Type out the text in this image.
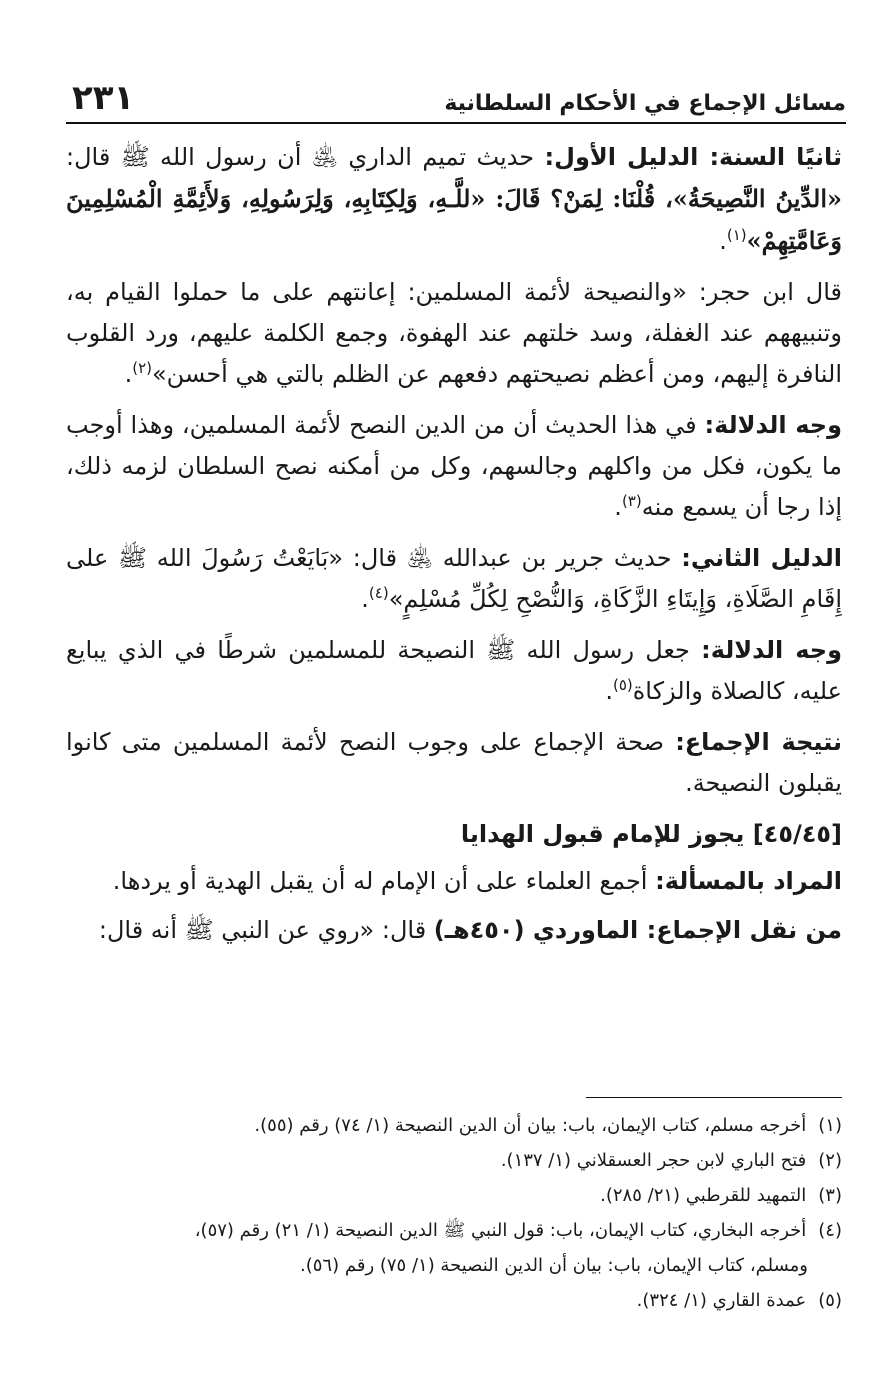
مسائل الإجماع في الأحكام السلطانية
٢٣١

ثانيًا السنة: الدليل الأول: حديث تميم الداري ﵁ أن رسول الله ﷺ قال: «الدِّينُ النَّصِيحَةُ»، قُلْنَا: لِمَنْ؟ قَالَ: «للَّـهِ، وَلِكِتَابِهِ، وَلِرَسُولِهِ، وَلأَئِمَّةِ الْمُسْلِمِينَ وَعَامَّتِهِمْ»$^{(١)}$.

قال ابن حجر: «والنصيحة لأئمة المسلمين: إعانتهم على ما حملوا القيام به، وتنبيههم عند الغفلة، وسد خلتهم عند الهفوة، وجمع الكلمة عليهم، ورد القلوب النافرة إليهم، ومن أعظم نصيحتهم دفعهم عن الظلم بالتي هي أحسن»$^{(٢)}$.

وجه الدلالة: في هذا الحديث أن من الدين النصح لأئمة المسلمين، وهذا أوجب ما يكون، فكل من واكلهم وجالسهم، وكل من أمكنه نصح السلطان لزمه ذلك، إذا رجا أن يسمع منه$^{(٣)}$.

الدليل الثاني: حديث جرير بن عبدالله ﵁ قال: «بَايَعْتُ رَسُولَ الله ﷺ على إِقَامِ الصَّلَاةِ، وَإِيتَاءِ الزَّكَاةِ، وَالنُّصْحِ لِكُلِّ مُسْلِمٍ»$^{(٤)}$.

وجه الدلالة: جعل رسول الله ﷺ النصيحة للمسلمين شرطًا في الذي يبايع عليه، كالصلاة والزكاة$^{(٥)}$.

نتيجة الإجماع: صحة الإجماع على وجوب النصح لأئمة المسلمين متى كانوا يقبلون النصيحة.

[٤٥/٤٥] يجوز للإمام قبول الهدايا

المراد بالمسألة: أجمع العلماء على أن الإمام له أن يقبل الهدية أو يردها.

من نقل الإجماع: الماوردي (٤٥٠هـ) قال: «روي عن النبي ﷺ أنه قال:

(١) أخرجه مسلم، كتاب الإيمان، باب: بيان أن الدين النصيحة (١/ ٧٤) رقم (٥٥).

(٢) فتح الباري لابن حجر العسقلاني (١/ ١٣٧).

(٣) التمهيد للقرطبي (٢١/ ٢٨٥).

(٤) أخرجه البخاري، كتاب الإيمان، باب: قول النبي ﷺ الدين النصيحة (١/ ٢١) رقم (٥٧)،
ومسلم، كتاب الإيمان، باب: بيان أن الدين النصيحة (١/ ٧٥) رقم (٥٦).

(٥) عمدة القاري (١/ ٣٢٤).
